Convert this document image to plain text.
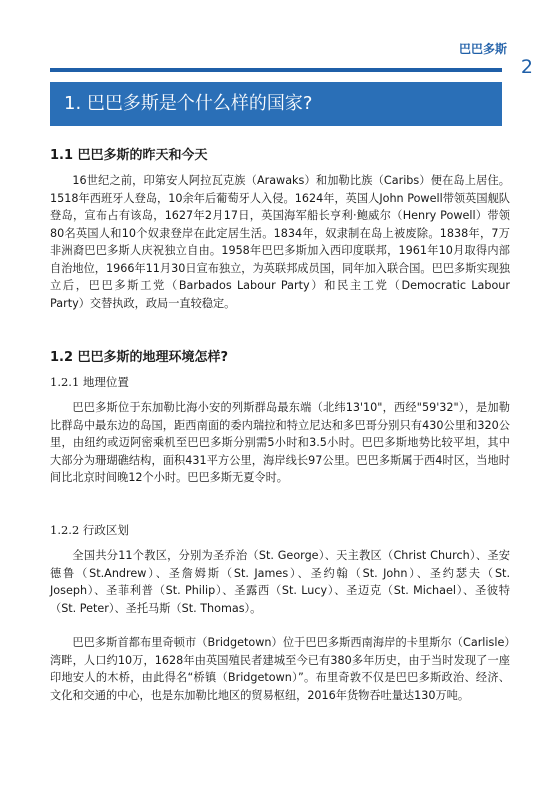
巴巴多斯
2
1. 巴巴多斯是个什么样的国家?
1.1 巴巴多斯的昨天和今天

16世纪之前，印第安人阿拉瓦克族（Arawaks）和加勒比族（Caribs）便在岛上居住。1518年西班牙人登岛，10余年后葡萄牙人入侵。1624年，英国人John Powell带领英国舰队登岛，宣布占有该岛，1627年2月17日，英国海军船长亨利·鲍威尔（Henry Powell）带领80名英国人和10个奴隶登岸在此定居生活。1834年，奴隶制在岛上被废除。1838年，7万非洲裔巴巴多斯人庆祝独立自由。1958年巴巴多斯加入西印度联邦，1961年10月取得内部自治地位，1966年11月30日宣布独立，为英联邦成员国，同年加入联合国。巴巴多斯实现独立后，巴巴多斯工党（Barbados Labour Party）和民主工党（Democratic Labour Party）交替执政，政局一直较稳定。

1.2 巴巴多斯的地理环境怎样?
1.2.1 地理位置

巴巴多斯位于东加勒比海小安的列斯群岛最东端（北纬13'10"，西经"59'32"），是加勒比群岛中最东边的岛国，距西南面的委内瑞拉和特立尼达和多巴哥分别只有430公里和320公里，由纽约或迈阿密乘机至巴巴多斯分别需5小时和3.5小时。巴巴多斯地势比较平坦，其中大部分为珊瑚礁结构，面积431平方公里，海岸线长97公里。巴巴多斯属于西4时区，当地时间比北京时间晚12个小时。巴巴多斯无夏令时。

1.2.2 行政区划

全国共分11个教区，分别为圣乔治（St. George）、天主教区（Christ Church）、圣安德鲁（St.Andrew）、圣詹姆斯（St. James）、圣约翰（St. John）、圣约瑟夫（St. Joseph）、圣菲利普（St. Philip）、圣露西（St. Lucy）、圣迈克（St. Michael）、圣彼特（St. Peter）、圣托马斯（St. Thomas）。

巴巴多斯首都布里奇顿市（Bridgetown）位于巴巴多斯西南海岸的卡里斯尔（Carlisle）湾畔，人口约10万，1628年由英国殖民者建城至今已有380多年历史，由于当时发现了一座印地安人的木桥，由此得名“桥镇（Bridgetown）”。布里奇敦不仅是巴巴多斯政治、经济、文化和交通的中心，也是东加勒比地区的贸易枢纽，2016年货物吞吐量达130万吨。
